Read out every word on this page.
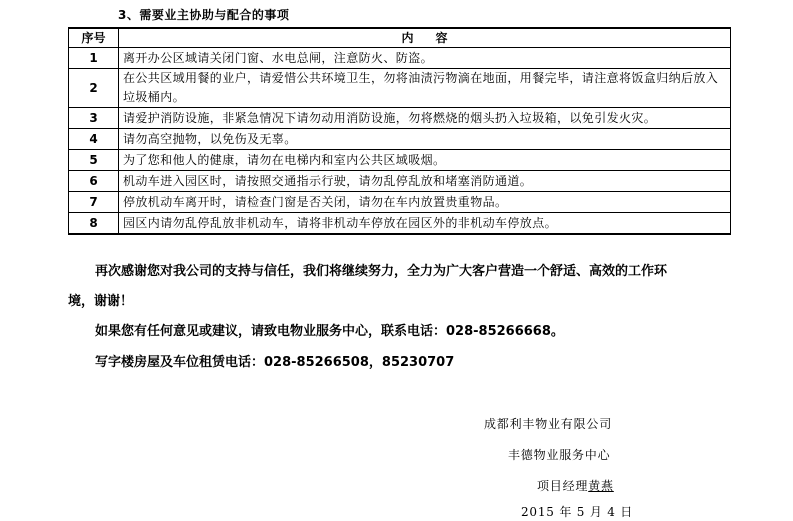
3、需要业主协助与配合的事项
序号	内容
1	离开办公区域请关闭门窗、水电总闸，注意防火、防盗。
2	在公共区域用餐的业户，请爱惜公共环境卫生，勿将油渍污物滴在地面，用餐完毕，请注意将饭盒归纳后放入垃圾桶内。
3	请爱护消防设施，非紧急情况下请勿动用消防设施，勿将燃烧的烟头扔入垃圾箱，以免引发火灾。
4	请勿高空抛物，以免伤及无辜。
5	为了您和他人的健康，请勿在电梯内和室内公共区域吸烟。
6	机动车进入园区时，请按照交通指示行驶，请勿乱停乱放和堵塞消防通道。
7	停放机动车离开时，请检查门窗是否关闭，请勿在车内放置贵重物品。
8	园区内请勿乱停乱放非机动车，请将非机动车停放在园区外的非机动车停放点。
再次感谢您对我公司的支持与信任，我们将继续努力，全力为广大客户营造一个舒适、高效的工作环
境，谢谢！
如果您有任何意见或建议，请致电物业服务中心，联系电话：028-85266668。
写字楼房屋及车位租赁电话：028-85266508，85230707
成都利丰物业有限公司
丰德物业服务中心
项目经理黄燕
2015 年 5 月 4 日
